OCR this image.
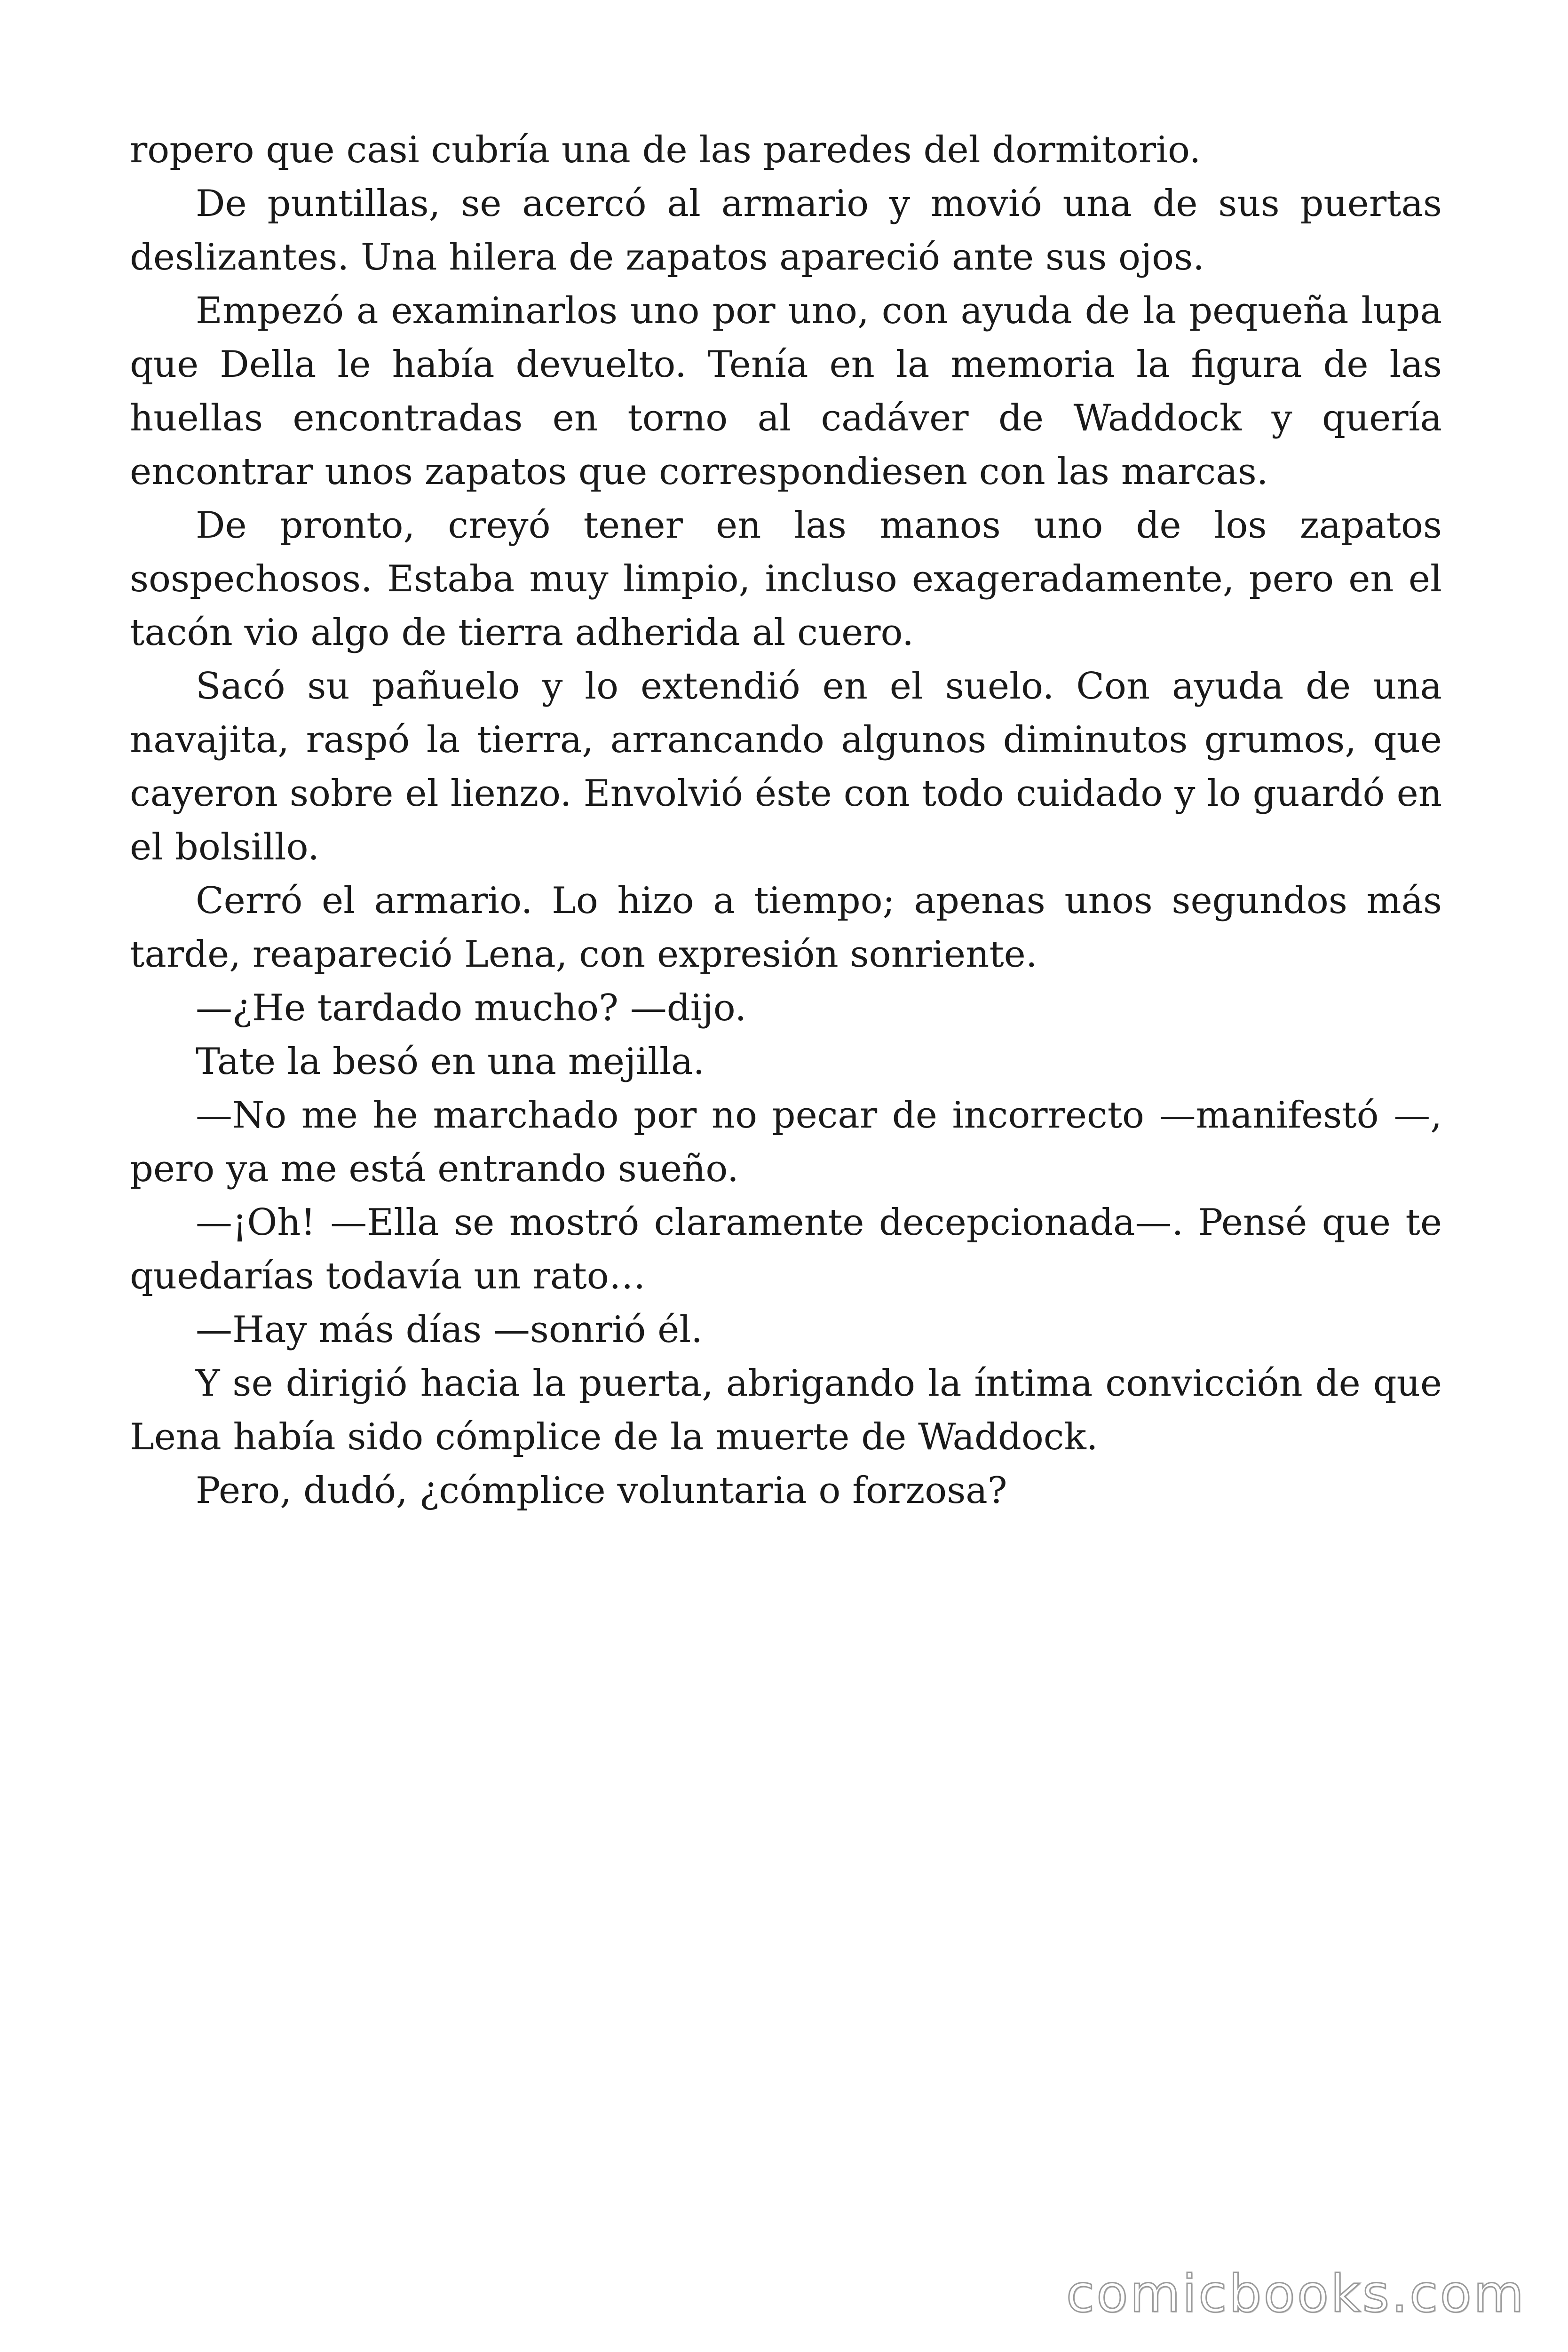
ropero que casi cubría una de las paredes del dormitorio.

De puntillas, se acercó al armario y movió una de sus puertas deslizantes. Una hilera de zapatos apareció ante sus ojos.

Empezó a examinarlos uno por uno, con ayuda de la pequeña lupa que Della le había devuelto. Tenía en la memoria la figura de las huellas encontradas en torno al cadáver de Waddock y quería encontrar unos zapatos que correspondiesen con las marcas.

De pronto, creyó tener en las manos uno de los zapatos sospechosos. Estaba muy limpio, incluso exageradamente, pero en el tacón vio algo de tierra adherida al cuero.

Sacó su pañuelo y lo extendió en el suelo. Con ayuda de una navajita, raspó la tierra, arrancando algunos diminutos grumos, que cayeron sobre el lienzo. Envolvió éste con todo cuidado y lo guardó en el bolsillo.

Cerró el armario. Lo hizo a tiempo; apenas unos segundos más tarde, reapareció Lena, con expresión sonriente.

—¿He tardado mucho? —dijo.

Tate la besó en una mejilla.

—No me he marchado por no pecar de incorrecto —manifestó —, pero ya me está entrando sueño.

—¡Oh! —Ella se mostró claramente decepcionada—. Pensé que te quedarías todavía un rato…

—Hay más días —sonrió él.

Y se dirigió hacia la puerta, abrigando la íntima convicción de que Lena había sido cómplice de la muerte de Waddock.

Pero, dudó, ¿cómplice voluntaria o forzosa?

comicbooks.com
